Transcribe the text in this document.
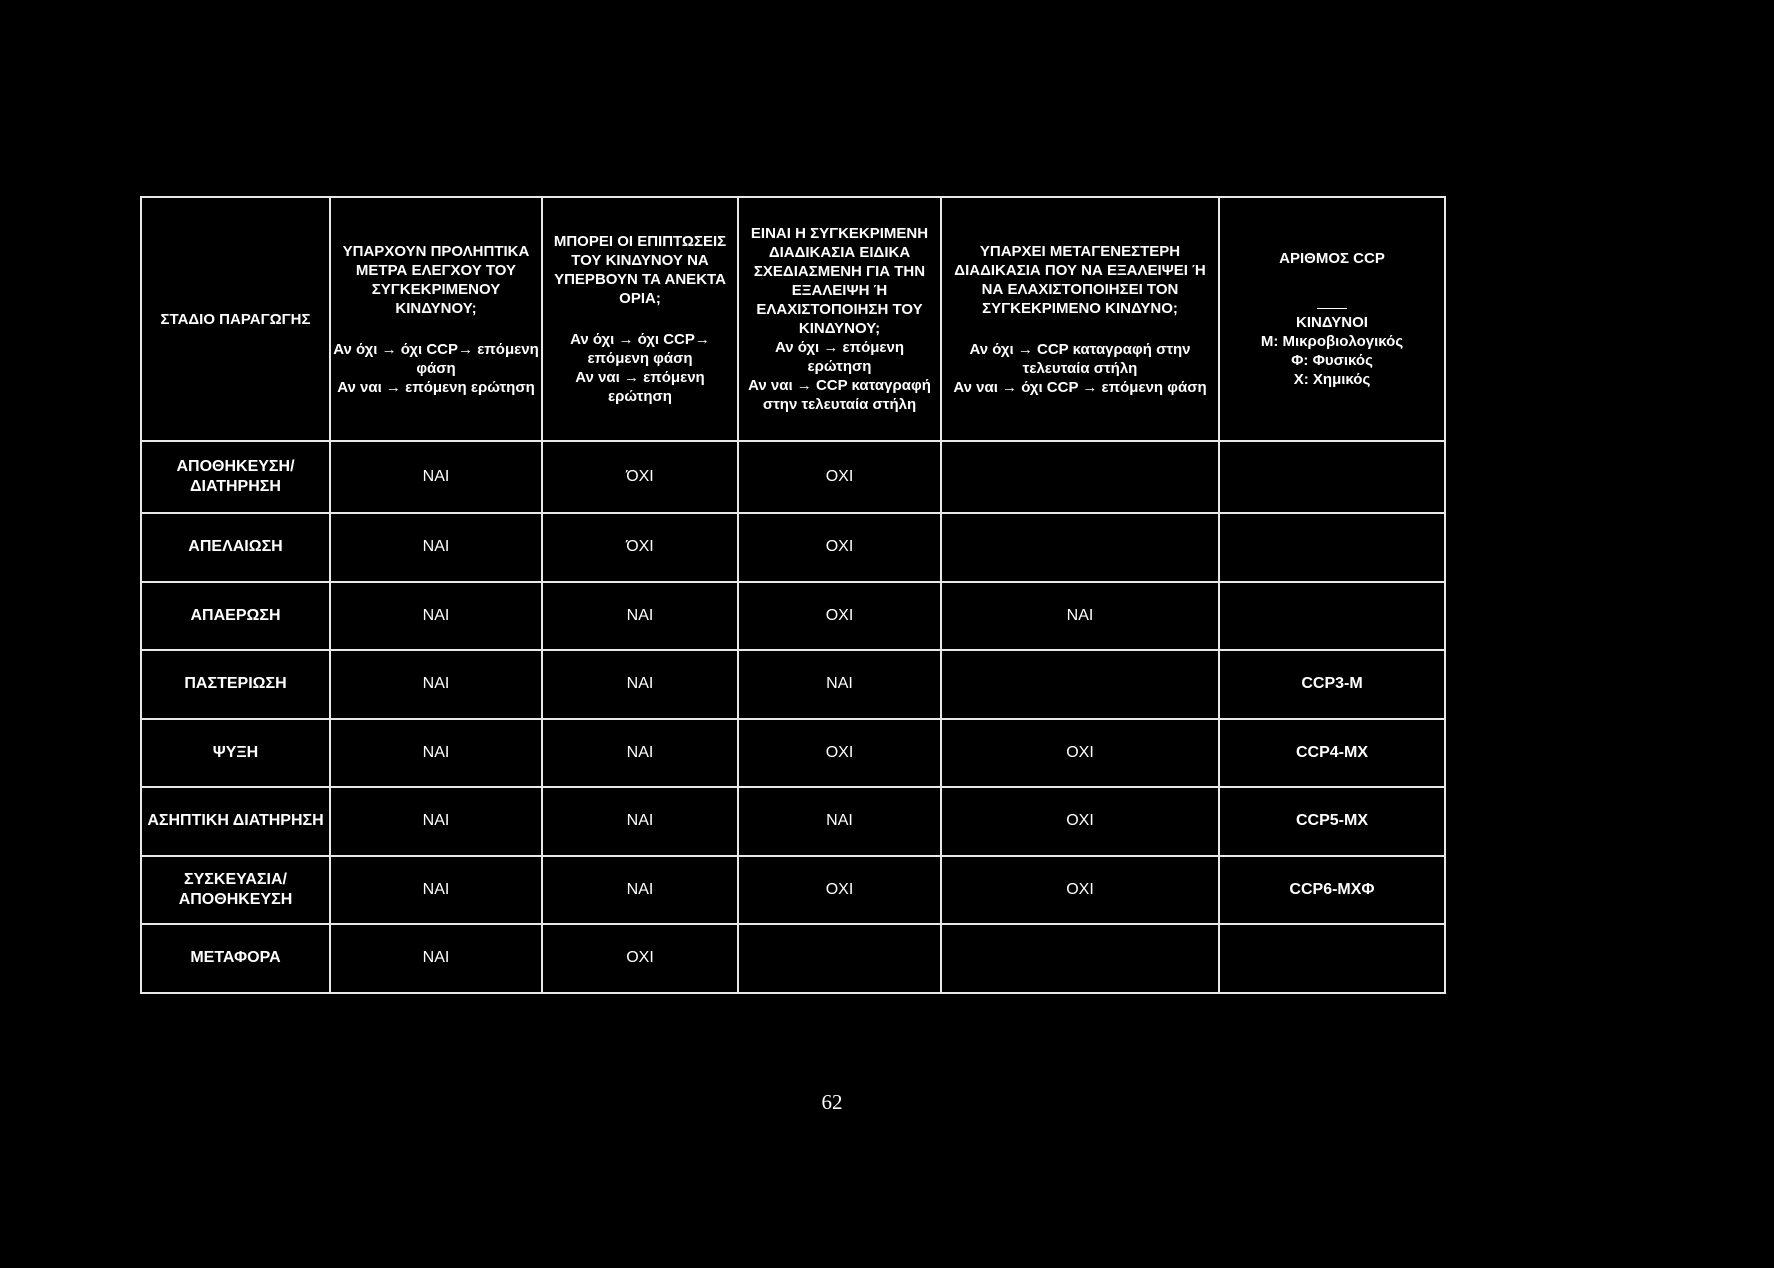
ΣΤΑΔΙΟ ΠΑΡΑΓΩΓΗΣ	ΥΠΑΡΧΟΥΝ ΠΡΟΛΗΠΤΙΚΑ ΜΕΤΡΑ ΕΛΕΓΧΟΥ ΤΟΥ ΣΥΓΚΕΚΡΙΜΕΝΟΥ ΚΙΝΔΥΝΟΥ;
Αν όχι → όχι CCP→ επόμενη φάση
Αν ναι → επόμενη ερώτηση	ΜΠΟΡΕΙ ΟΙ ΕΠΙΠΤΩΣΕΙΣ ΤΟΥ ΚΙΝΔΥΝΟΥ ΝΑ ΥΠΕΡΒΟΥΝ ΤΑ ΑΝΕΚΤΑ ΟΡΙΑ;
Αν όχι → όχι CCP→ επόμενη φάση
Αν ναι → επόμενη ερώτηση	ΕΙΝΑΙ Η ΣΥΓΚΕΚΡΙΜΕΝΗ ΔΙΑΔΙΚΑΣΙΑ ΕΙΔΙΚΑ ΣΧΕΔΙΑΣΜΕΝΗ ΓΙΑ ΤΗΝ ΕΞΑΛΕΙΨΗ Ή ΕΛΑΧΙΣΤΟΠΟΙΗΣΗ ΤΟΥ ΚΙΝΔΥΝΟΥ;
Αν όχι → επόμενη ερώτηση
Αν ναι → CCP καταγραφή στην τελευταία στήλη	ΥΠΑΡΧΕΙ ΜΕΤΑΓΕΝΕΣΤΕΡΗ ΔΙΑΔΙΚΑΣΙΑ ΠΟΥ ΝΑ ΕΞΑΛΕΙΨΕΙ Ή ΝΑ ΕΛΑΧΙΣΤΟΠΟΙΗΣΕΙ ΤΟΝ ΣΥΓΚΕΚΡΙΜΕΝΟ ΚΙΝΔΥΝΟ;
Αν όχι → CCP καταγραφή στην τελευταία στήλη
Αν ναι → όχι CCP → επόμενη φάση	ΑΡΙΘΜΟΣ CCP
ΚΙΝΔΥΝΟΙ
Μ: Μικροβιολογικός
Φ: Φυσικός
Χ: Χημικός

ΑΠΟΘΗΚΕΥΣΗ/ ΔΙΑΤΗΡΗΣΗ	ΝΑΙ	ΌΧΙ	ΟΧΙ		
ΑΠΕΛΑΙΩΣΗ	ΝΑΙ	ΌΧΙ	ΟΧΙ		
ΑΠΑΕΡΩΣΗ	ΝΑΙ	ΝΑΙ	ΟΧΙ	ΝΑΙ	
ΠΑΣΤΕΡΙΩΣΗ	ΝΑΙ	ΝΑΙ	ΝΑΙ		CCP3-M
ΨΥΞΗ	ΝΑΙ	ΝΑΙ	ΟΧΙ	ΟΧΙ	CCP4-MX
ΑΣΗΠΤΙΚΗ ΔΙΑΤΗΡΗΣΗ	ΝΑΙ	ΝΑΙ	ΝΑΙ	ΟΧΙ	CCP5-MX
ΣΥΣΚΕΥΑΣΙΑ/ ΑΠΟΘΗΚΕΥΣΗ	ΝΑΙ	ΝΑΙ	ΟΧΙ	ΟΧΙ	CCP6-MXΦ
ΜΕΤΑΦΟΡΑ	ΝΑΙ	ΟΧΙ			
62
